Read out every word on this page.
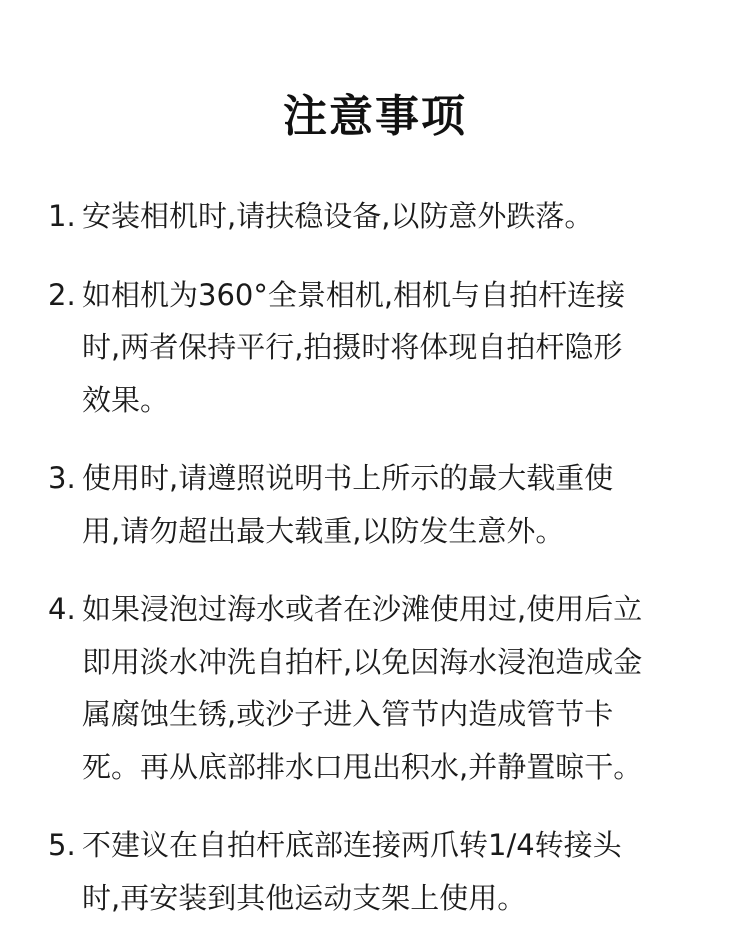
注意事项
1. 安装相机时,请扶稳设备,以防意外跌落。
2. 如相机为360°全景相机,相机与自拍杆连接
时,两者保持平行,拍摄时将体现自拍杆隐形
效果。
3. 使用时,请遵照说明书上所示的最大载重使
用,请勿超出最大载重,以防发生意外。
4. 如果浸泡过海水或者在沙滩使用过,使用后立
即用淡水冲洗自拍杆,以免因海水浸泡造成金
属腐蚀生锈,或沙子进入管节内造成管节卡
死。再从底部排水口甩出积水,并静置晾干。
5. 不建议在自拍杆底部连接两爪转1/4转接头
时,再安装到其他运动支架上使用。
